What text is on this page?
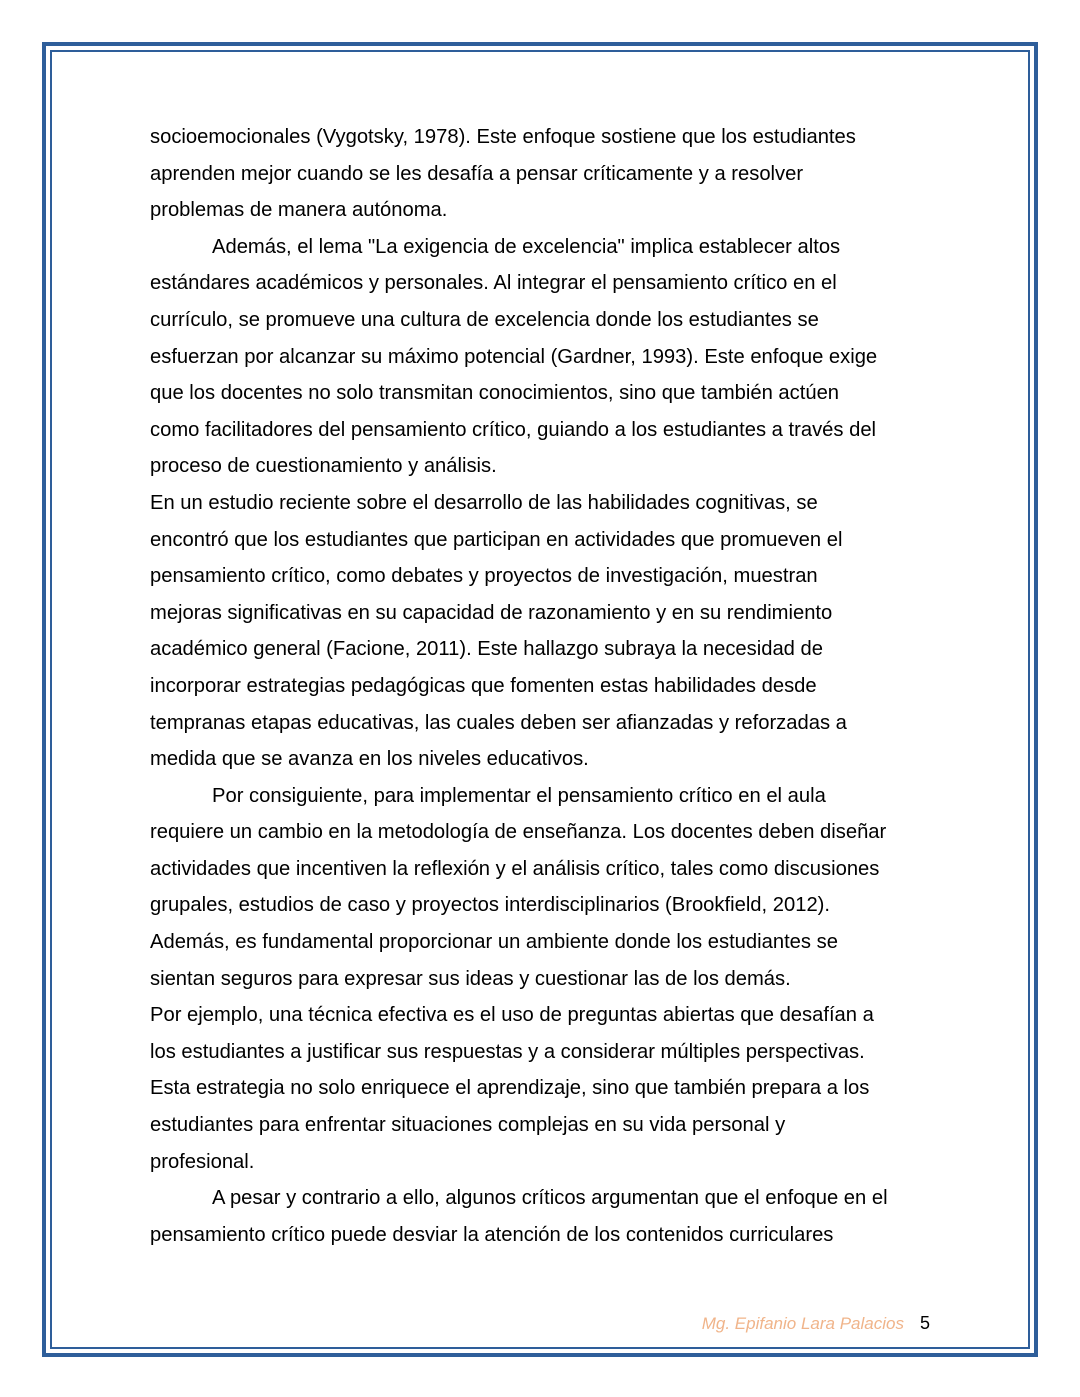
socioemocionales (Vygotsky, 1978). Este enfoque sostiene que los estudiantes

aprenden mejor cuando se les desafía a pensar críticamente y a resolver

problemas de manera autónoma.

Además, el lema "La exigencia de excelencia" implica establecer altos

estándares académicos y personales. Al integrar el pensamiento crítico en el

currículo, se promueve una cultura de excelencia donde los estudiantes se

esfuerzan por alcanzar su máximo potencial (Gardner, 1993). Este enfoque exige

que los docentes no solo transmitan conocimientos, sino que también actúen

como facilitadores del pensamiento crítico, guiando a los estudiantes a través del

proceso de cuestionamiento y análisis.

En un estudio reciente sobre el desarrollo de las habilidades cognitivas, se

encontró que los estudiantes que participan en actividades que promueven el

pensamiento crítico, como debates y proyectos de investigación, muestran

mejoras significativas en su capacidad de razonamiento y en su rendimiento

académico general (Facione, 2011). Este hallazgo subraya la necesidad de

incorporar estrategias pedagógicas que fomenten estas habilidades desde

tempranas etapas educativas, las cuales deben ser afianzadas y reforzadas a

medida que se avanza en los niveles educativos.

Por consiguiente, para implementar el pensamiento crítico en el aula

requiere un cambio en la metodología de enseñanza. Los docentes deben diseñar

actividades que incentiven la reflexión y el análisis crítico, tales como discusiones

grupales, estudios de caso y proyectos interdisciplinarios (Brookfield, 2012).

Además, es fundamental proporcionar un ambiente donde los estudiantes se

sientan seguros para expresar sus ideas y cuestionar las de los demás.

Por ejemplo, una técnica efectiva es el uso de preguntas abiertas que desafían a

los estudiantes a justificar sus respuestas y a considerar múltiples perspectivas.

Esta estrategia no solo enriquece el aprendizaje, sino que también prepara a los

estudiantes para enfrentar situaciones complejas en su vida personal y

profesional.

A pesar y contrario a ello, algunos críticos argumentan que el enfoque en el

pensamiento crítico puede desviar la atención de los contenidos curriculares

Mg. Epifanio Lara Palacios 5
